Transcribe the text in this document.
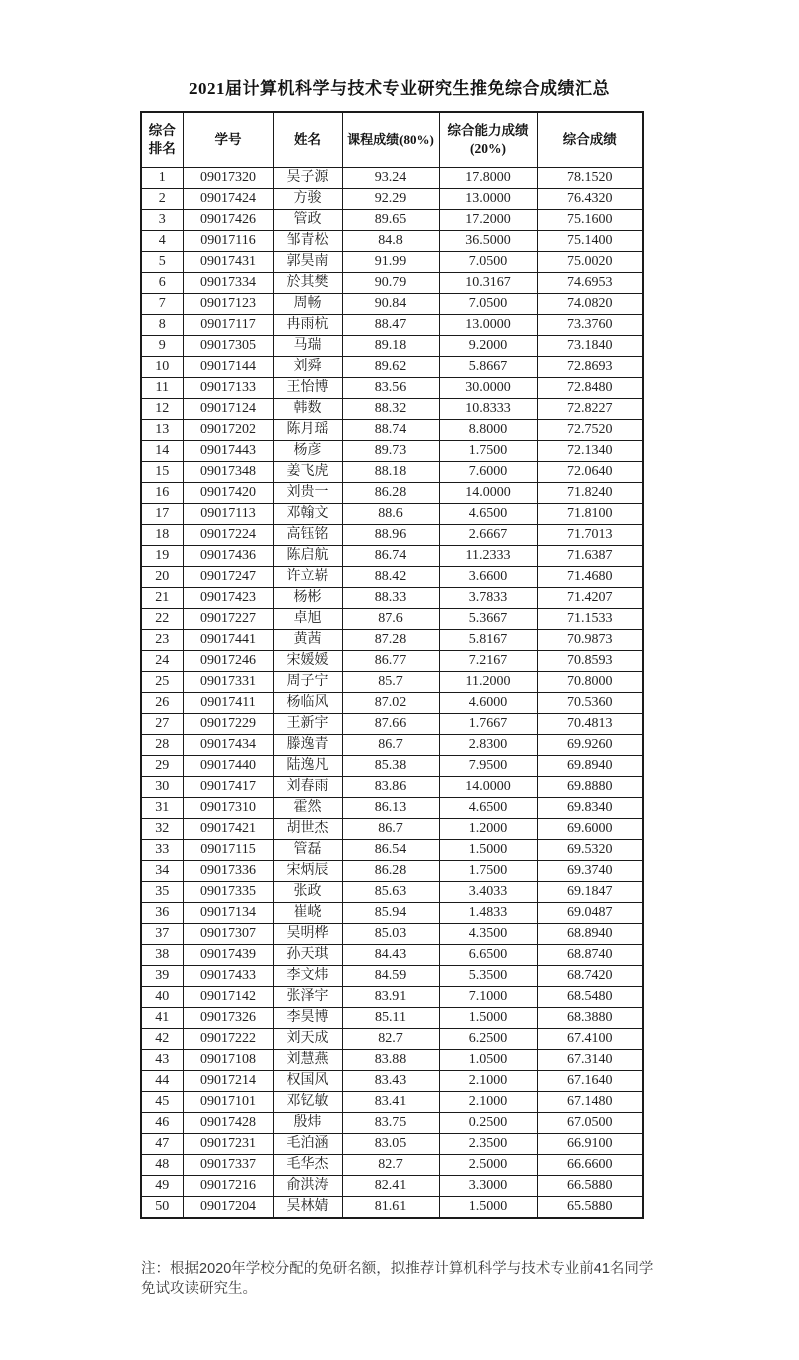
2021届计算机科学与技术专业研究生推免综合成绩汇总
综合排名	学号	姓名	课程成绩(80%)	综合能力成绩(20%)	综合成绩
1	09017320	吴子源	93.24	17.8000	78.1520
2	09017424	方骏	92.29	13.0000	76.4320
3	09017426	管政	89.65	17.2000	75.1600
4	09017116	邹青松	84.8	36.5000	75.1400
5	09017431	郭昊南	91.99	7.0500	75.0020
6	09017334	於其樊	90.79	10.3167	74.6953
7	09017123	周畅	90.84	7.0500	74.0820
8	09017117	冉雨杭	88.47	13.0000	73.3760
9	09017305	马瑞	89.18	9.2000	73.1840
10	09017144	刘舜	89.62	5.8667	72.8693
11	09017133	王怡博	83.56	30.0000	72.8480
12	09017124	韩数	88.32	10.8333	72.8227
13	09017202	陈月瑶	88.74	8.8000	72.7520
14	09017443	杨彦	89.73	1.7500	72.1340
15	09017348	姜飞虎	88.18	7.6000	72.0640
16	09017420	刘贵一	86.28	14.0000	71.8240
17	09017113	邓翰文	88.6	4.6500	71.8100
18	09017224	高钰铭	88.96	2.6667	71.7013
19	09017436	陈启航	86.74	11.2333	71.6387
20	09017247	许立崭	88.42	3.6600	71.4680
21	09017423	杨彬	88.33	3.7833	71.4207
22	09017227	卓旭	87.6	5.3667	71.1533
23	09017441	黄茜	87.28	5.8167	70.9873
24	09017246	宋媛媛	86.77	7.2167	70.8593
25	09017331	周子宁	85.7	11.2000	70.8000
26	09017411	杨临风	87.02	4.6000	70.5360
27	09017229	王新宇	87.66	1.7667	70.4813
28	09017434	滕逸青	86.7	2.8300	69.9260
29	09017440	陆逸凡	85.38	7.9500	69.8940
30	09017417	刘春雨	83.86	14.0000	69.8880
31	09017310	霍然	86.13	4.6500	69.8340
32	09017421	胡世杰	86.7	1.2000	69.6000
33	09017115	管磊	86.54	1.5000	69.5320
34	09017336	宋炳辰	86.28	1.7500	69.3740
35	09017335	张政	85.63	3.4033	69.1847
36	09017134	崔峣	85.94	1.4833	69.0487
37	09017307	吴明桦	85.03	4.3500	68.8940
38	09017439	孙天琪	84.43	6.6500	68.8740
39	09017433	李文炜	84.59	5.3500	68.7420
40	09017142	张泽宇	83.91	7.1000	68.5480
41	09017326	李昊博	85.11	1.5000	68.3880
42	09017222	刘天成	82.7	6.2500	67.4100
43	09017108	刘慧燕	83.88	1.0500	67.3140
44	09017214	权国风	83.43	2.1000	67.1640
45	09017101	邓钇敏	83.41	2.1000	67.1480
46	09017428	殷炜	83.75	0.2500	67.0500
47	09017231	毛泊涵	83.05	2.3500	66.9100
48	09017337	毛华杰	82.7	2.5000	66.6600
49	09017216	俞洪涛	82.41	3.3000	66.5880
50	09017204	吴林婧	81.61	1.5000	65.5880
注：根据2020年学校分配的免研名额，拟推荐计算机科学与技术专业前41名同学
免试攻读研究生。
